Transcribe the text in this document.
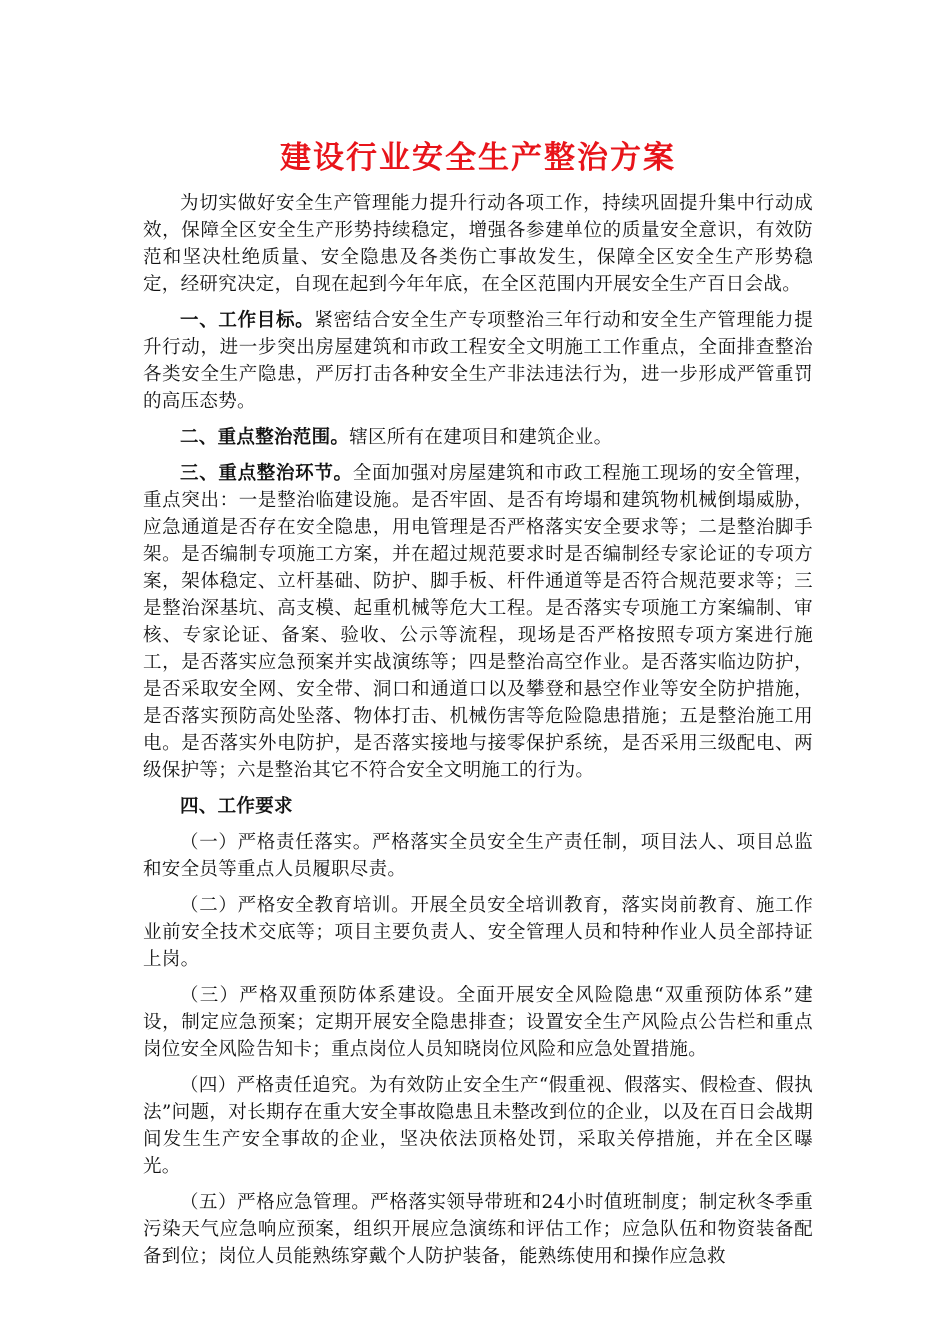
建设行业安全生产整治方案

为切实做好安全生产管理能力提升行动各项工作，持续巩固提升集中行动成效，保障全区安全生产形势持续稳定，增强各参建单位的质量安全意识，有效防范和坚决杜绝质量、安全隐患及各类伤亡事故发生，保障全区安全生产形势稳定，经研究决定，自现在起到今年年底，在全区范围内开展安全生产百日会战。

一、工作目标。紧密结合安全生产专项整治三年行动和安全生产管理能力提升行动，进一步突出房屋建筑和市政工程安全文明施工工作重点，全面排查整治各类安全生产隐患，严厉打击各种安全生产非法违法行为，进一步形成严管重罚的高压态势。

二、重点整治范围。辖区所有在建项目和建筑企业。

三、重点整治环节。全面加强对房屋建筑和市政工程施工现场的安全管理，重点突出：一是整治临建设施。是否牢固、是否有垮塌和建筑物机械倒塌威胁，应急通道是否存在安全隐患，用电管理是否严格落实安全要求等；二是整治脚手架。是否编制专项施工方案，并在超过规范要求时是否编制经专家论证的专项方案，架体稳定、立杆基础、防护、脚手板、杆件通道等是否符合规范要求等；三是整治深基坑、高支模、起重机械等危大工程。是否落实专项施工方案编制、审核、专家论证、备案、验收、公示等流程，现场是否严格按照专项方案进行施工，是否落实应急预案并实战演练等；四是整治高空作业。是否落实临边防护，是否采取安全网、安全带、洞口和通道口以及攀登和悬空作业等安全防护措施，是否落实预防高处坠落、物体打击、机械伤害等危险隐患措施；五是整治施工用电。是否落实外电防护，是否落实接地与接零保护系统，是否采用三级配电、两级保护等；六是整治其它不符合安全文明施工的行为。

四、工作要求

（一）严格责任落实。严格落实全员安全生产责任制，项目法人、项目总监和安全员等重点人员履职尽责。

（二）严格安全教育培训。开展全员安全培训教育，落实岗前教育、施工作业前安全技术交底等；项目主要负责人、安全管理人员和特种作业人员全部持证上岗。

（三）严格双重预防体系建设。全面开展安全风险隐患“双重预防体系”建设，制定应急预案；定期开展安全隐患排查；设置安全生产风险点公告栏和重点岗位安全风险告知卡；重点岗位人员知晓岗位风险和应急处置措施。

（四）严格责任追究。为有效防止安全生产“假重视、假落实、假检查、假执法”问题，对长期存在重大安全事故隐患且未整改到位的企业，以及在百日会战期间发生生产安全事故的企业，坚决依法顶格处罚，采取关停措施，并在全区曝光。

（五）严格应急管理。严格落实领导带班和24小时值班制度；制定秋冬季重污染天气应急响应预案，组织开展应急演练和评估工作；应急队伍和物资装备配备到位；岗位人员能熟练穿戴个人防护装备，能熟练使用和操作应急救
